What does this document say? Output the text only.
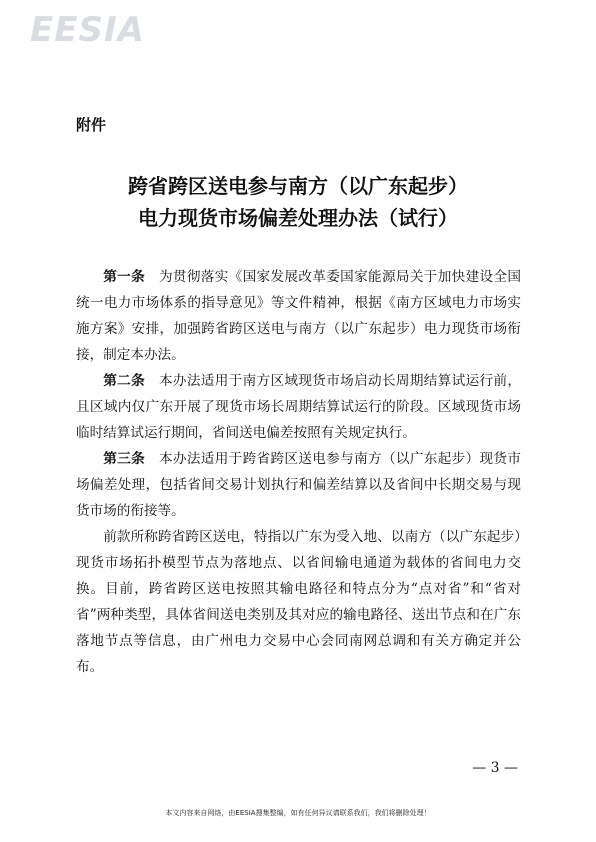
EESIA
附件
跨省跨区送电参与南方（以广东起步）
电力现货市场偏差处理办法（试行）

第一条　 为贯彻落实《国家发展改革委国家能源局关于加快建设全国统一电力市场体系的指导意见》等文件精神，根据《南方区域电力市场实施方案》安排，加强跨省跨区送电与南方（以广东起步）电力现货市场衔接，制定本办法。

第二条　 本办法适用于南方区域现货市场启动长周期结算试运行前，且区域内仅广东开展了现货市场长周期结算试运行的阶段。区域现货市场临时结算试运行期间，省间送电偏差按照有关规定执行。

第三条　 本办法适用于跨省跨区送电参与南方（以广东起步）现货市场偏差处理，包括省间交易计划执行和偏差结算以及省间中长期交易与现货市场的衔接等。

前款所称跨省跨区送电，特指以广东为受入地、以南方（以广东起步）现货市场拓扑模型节点为落地点、以省间输电通道为载体的省间电力交换。目前，跨省跨区送电按照其输电路径和特点分为“点对省”和“省对省”两种类型，具体省间送电类别及其对应的输电路径、送出节点和在广东落地节点等信息，由广州电力交易中心会同南网总调和有关方确定并公布。

— 3 —
本文内容来自网络，由EESIA搜集整编，如有任何异议请联系我们，我们将删除处理！
